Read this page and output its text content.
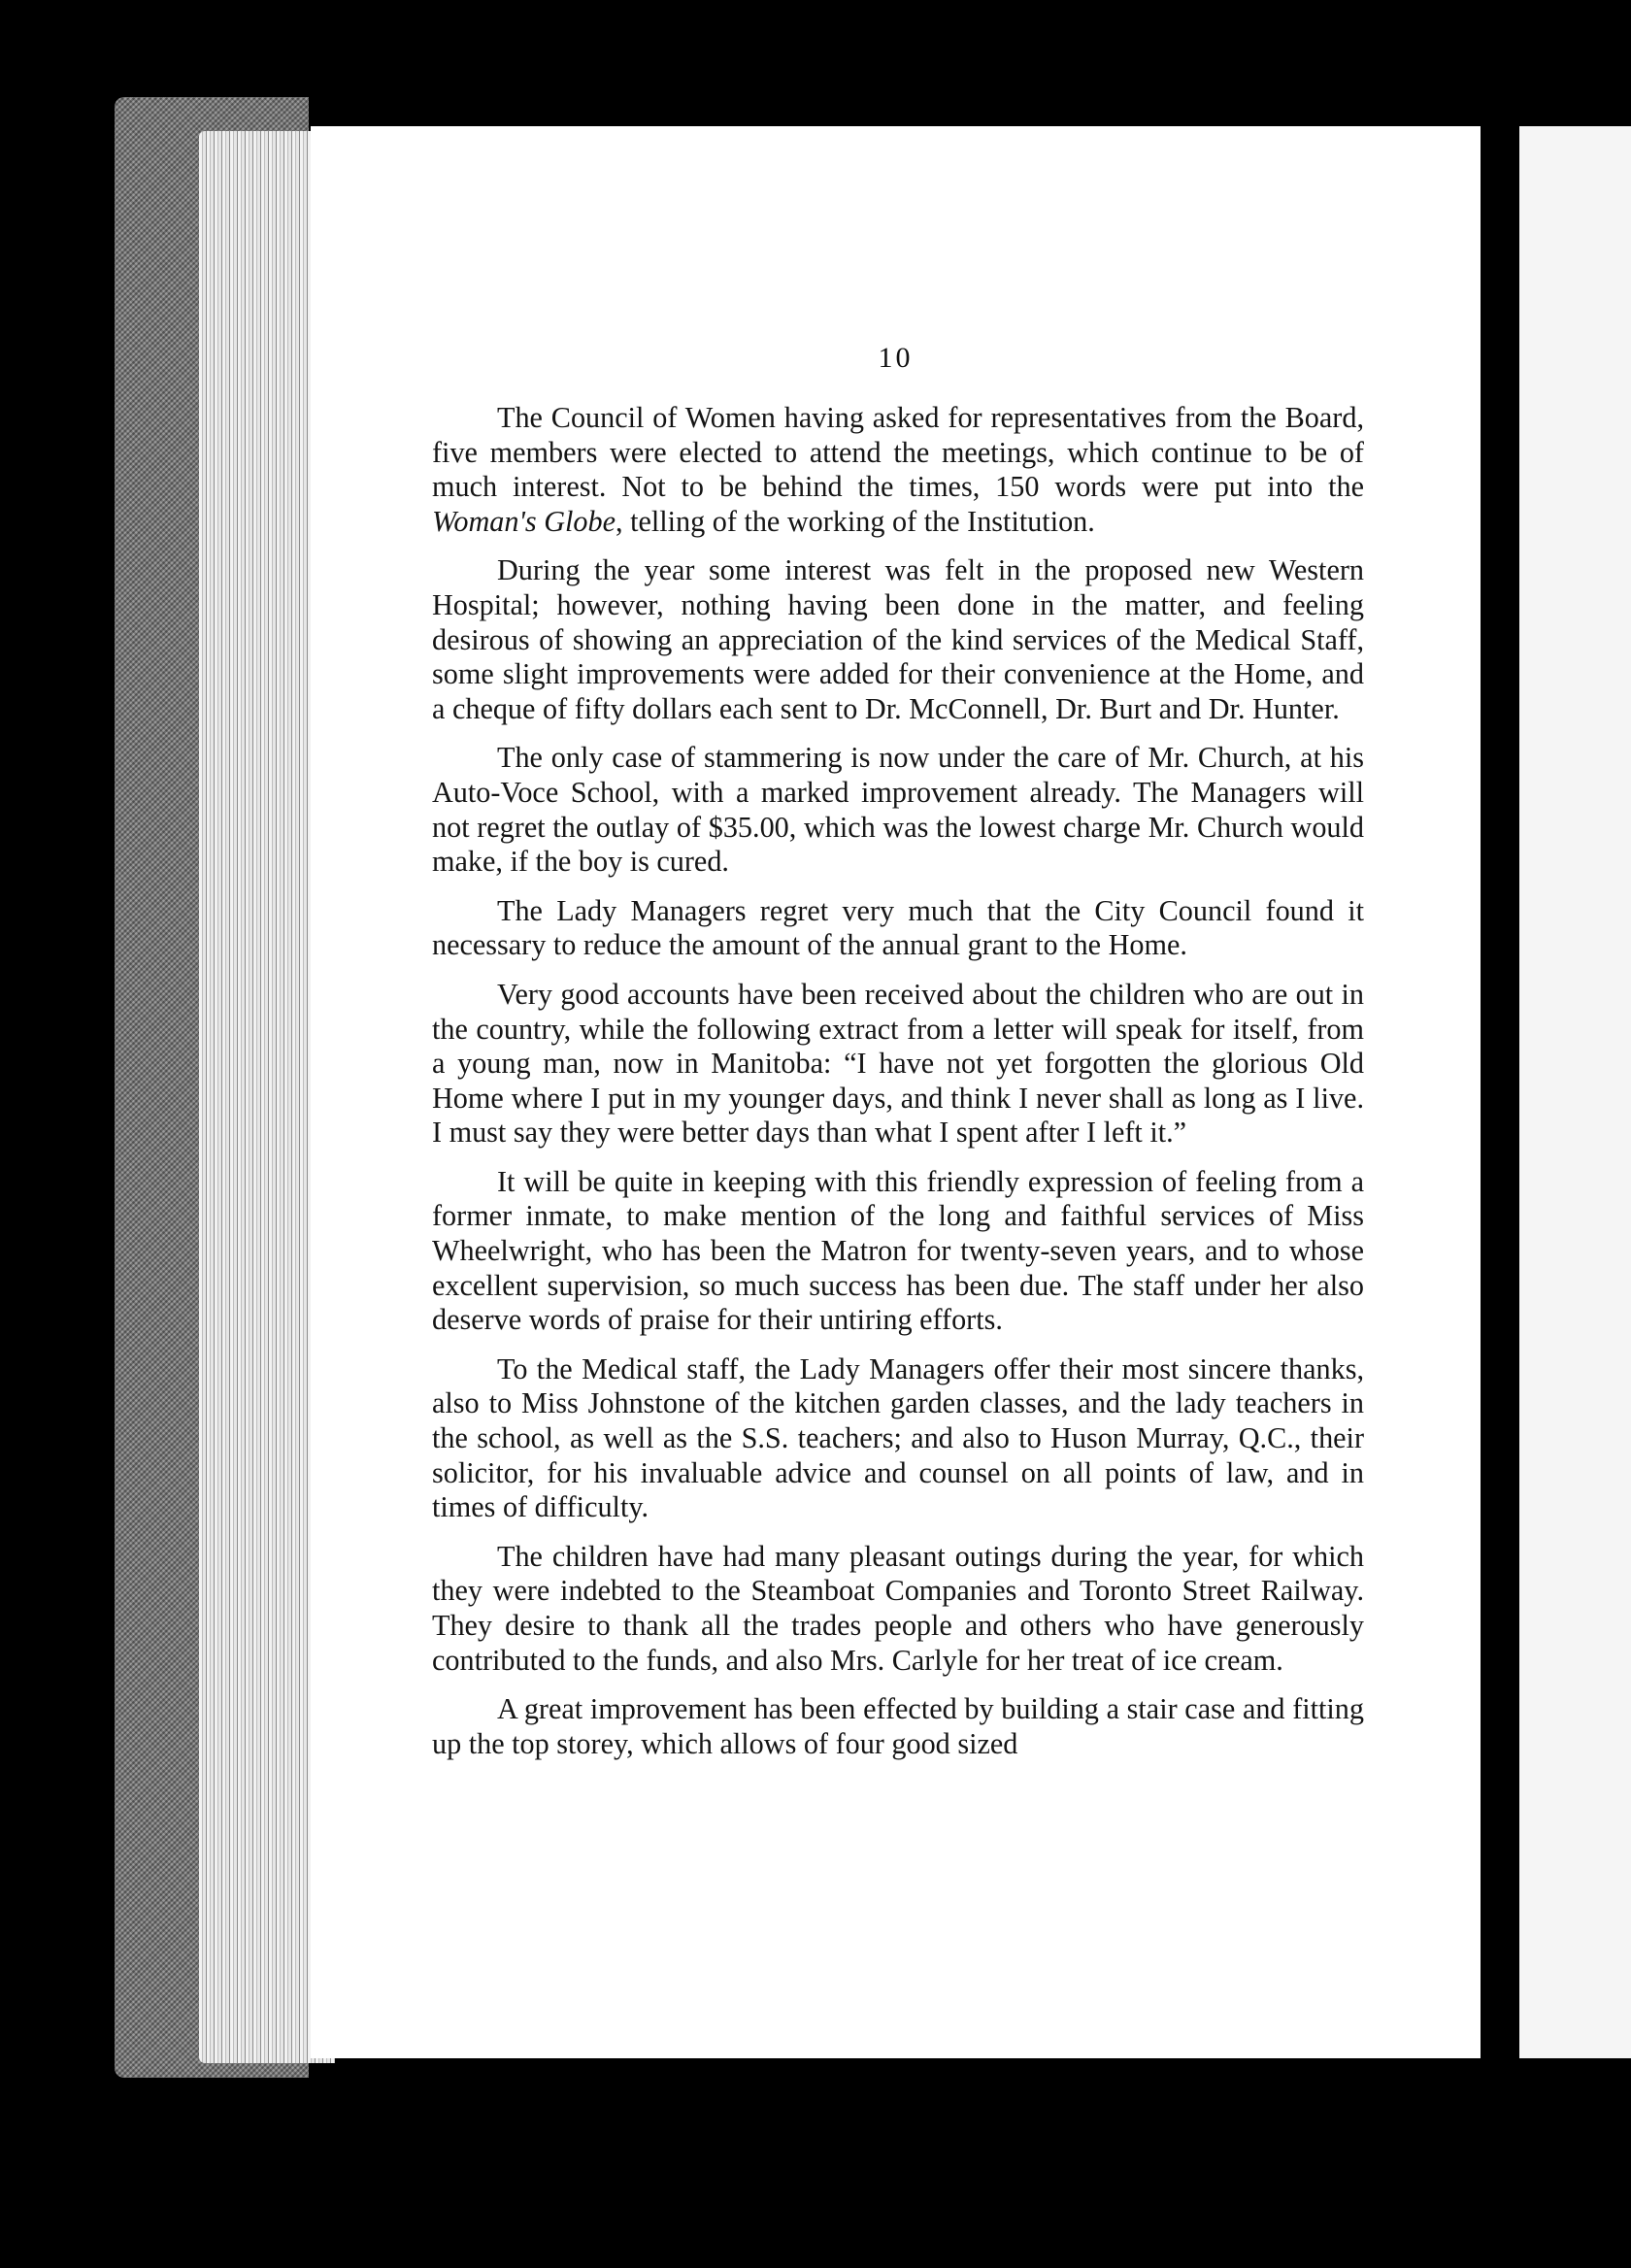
10

The Council of Women having asked for representatives from the Board, five members were elected to attend the meetings, which continue to be of much interest. Not to be behind the times, 150 words were put into the Woman's Globe, telling of the working of the Institution.

During the year some interest was felt in the proposed new Western Hospital; however, nothing having been done in the matter, and feeling desirous of showing an appreciation of the kind services of the Medical Staff, some slight improvements were added for their convenience at the Home, and a cheque of fifty dollars each sent to Dr. McConnell, Dr. Burt and Dr. Hunter.

The only case of stammering is now under the care of Mr. Church, at his Auto-Voce School, with a marked improvement already. The Managers will not regret the outlay of $35.00, which was the lowest charge Mr. Church would make, if the boy is cured.

The Lady Managers regret very much that the City Council found it necessary to reduce the amount of the annual grant to the Home.

Very good accounts have been received about the children who are out in the country, while the following extract from a letter will speak for itself, from a young man, now in Manitoba: “I have not yet forgotten the glorious Old Home where I put in my younger days, and think I never shall as long as I live. I must say they were better days than what I spent after I left it.”

It will be quite in keeping with this friendly expression of feeling from a former inmate, to make mention of the long and faithful services of Miss Wheelwright, who has been the Matron for twenty-seven years, and to whose excellent supervision, so much success has been due. The staff under her also deserve words of praise for their untiring efforts.

To the Medical staff, the Lady Managers offer their most sincere thanks, also to Miss Johnstone of the kitchen garden classes, and the lady teachers in the school, as well as the S.S. teachers; and also to Huson Murray, Q.C., their solicitor, for his invaluable advice and counsel on all points of law, and in times of difficulty.

The children have had many pleasant outings during the year, for which they were indebted to the Steamboat Companies and Toronto Street Railway. They desire to thank all the trades people and others who have generously contributed to the funds, and also Mrs. Carlyle for her treat of ice cream.

A great improvement has been effected by building a stair case and fitting up the top storey, which allows of four good sized
